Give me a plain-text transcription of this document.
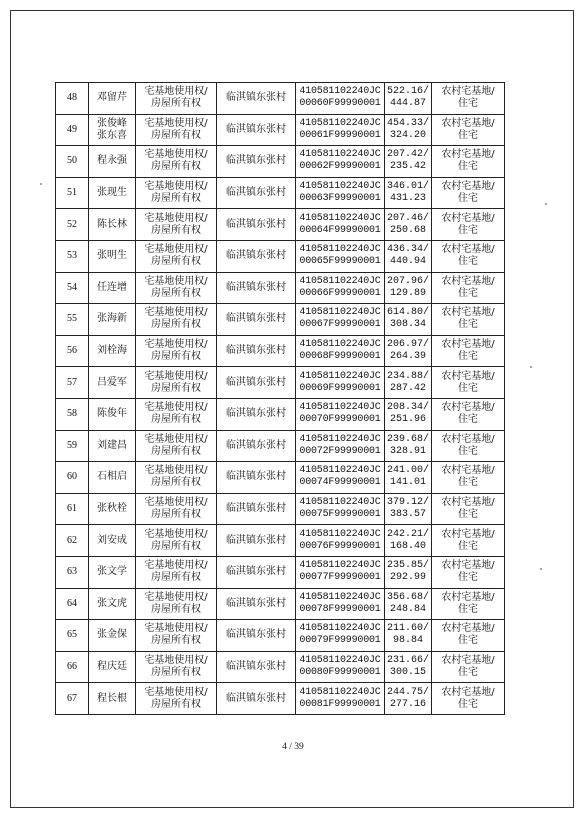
48	邓留芹	宅基地使用权/
房屋所有权	临淇镇东张村	410581102240JC
00060F99990001	522.16/
444.87	农村宅基地/
住宅

49	张俊峰
张东喜	宅基地使用权/
房屋所有权	临淇镇东张村	410581102240JC
00061F99990001	454.33/
324.20	农村宅基地/
住宅

50	程永强	宅基地使用权/
房屋所有权	临淇镇东张村	410581102240JC
00062F99990001	207.42/
235.42	农村宅基地/
住宅

51	张现生	宅基地使用权/
房屋所有权	临淇镇东张村	410581102240JC
00063F99990001	346.01/
431.23	农村宅基地/
住宅

52	陈长林	宅基地使用权/
房屋所有权	临淇镇东张村	410581102240JC
00064F99990001	207.46/
250.68	农村宅基地/
住宅

53	张明生	宅基地使用权/
房屋所有权	临淇镇东张村	410581102240JC
00065F99990001	436.34/
440.94	农村宅基地/
住宅

54	任连增	宅基地使用权/
房屋所有权	临淇镇东张村	410581102240JC
00066F99990001	207.96/
129.89	农村宅基地/
住宅

55	张海新	宅基地使用权/
房屋所有权	临淇镇东张村	410581102240JC
00067F99990001	614.80/
308.34	农村宅基地/
住宅

56	刘栓海	宅基地使用权/
房屋所有权	临淇镇东张村	410581102240JC
00068F99990001	206.97/
264.39	农村宅基地/
住宅

57	吕爱军	宅基地使用权/
房屋所有权	临淇镇东张村	410581102240JC
00069F99990001	234.88/
287.42	农村宅基地/
住宅

58	陈俊年	宅基地使用权/
房屋所有权	临淇镇东张村	410581102240JC
00070F99990001	208.34/
251.96	农村宅基地/
住宅

59	刘建昌	宅基地使用权/
房屋所有权	临淇镇东张村	410581102240JC
00072F99990001	239.68/
328.91	农村宅基地/
住宅

60	石相启	宅基地使用权/
房屋所有权	临淇镇东张村	410581102240JC
00074F99990001	241.00/
141.01	农村宅基地/
住宅

61	张秋栓	宅基地使用权/
房屋所有权	临淇镇东张村	410581102240JC
00075F99990001	379.12/
383.57	农村宅基地/
住宅

62	刘安成	宅基地使用权/
房屋所有权	临淇镇东张村	410581102240JC
00076F99990001	242.21/
168.40	农村宅基地/
住宅

63	张文学	宅基地使用权/
房屋所有权	临淇镇东张村	410581102240JC
00077F99990001	235.85/
292.99	农村宅基地/
住宅

64	张文虎	宅基地使用权/
房屋所有权	临淇镇东张村	410581102240JC
00078F99990001	356.68/
248.84	农村宅基地/
住宅

65	张金保	宅基地使用权/
房屋所有权	临淇镇东张村	410581102240JC
00079F99990001	211.60/
98.84	农村宅基地/
住宅

66	程庆廷	宅基地使用权/
房屋所有权	临淇镇东张村	410581102240JC
00080F99990001	231.66/
300.15	农村宅基地/
住宅

67	程长根	宅基地使用权/
房屋所有权	临淇镇东张村	410581102240JC
00081F99990001	244.75/
277.16	农村宅基地/
住宅
4 / 39
